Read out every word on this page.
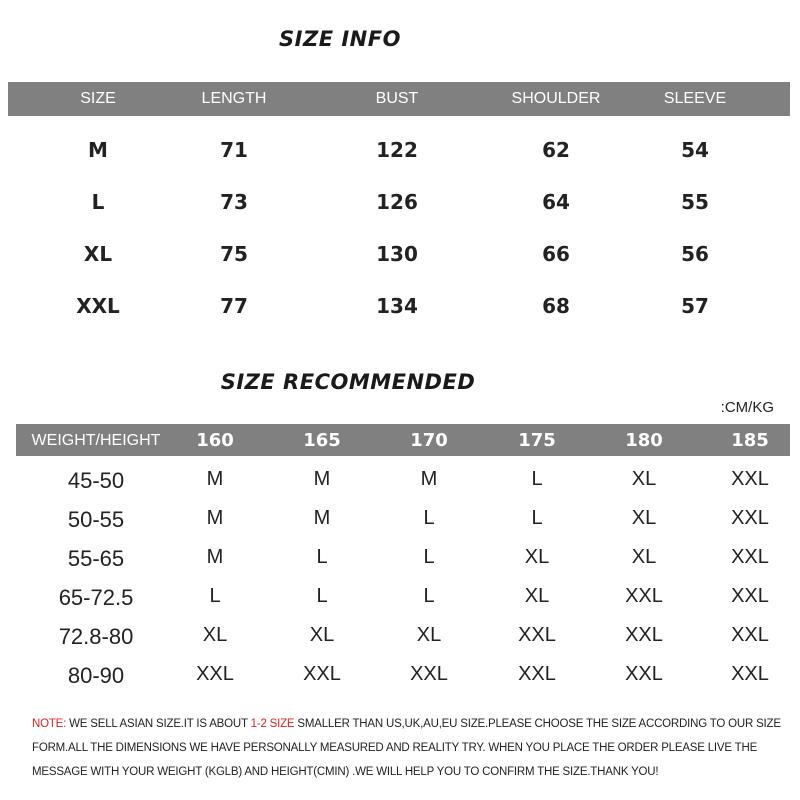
SIZE INFO
SIZE	LENGTH	BUST	SHOULDER	SLEEVE
M	71	122	62	54
L	73	126	64	55
XL	75	130	66	56
XXL	77	134	68	57
SIZE RECOMMENDED
:CM/KG
WEIGHT/HEIGHT	160	165	170	175	180	185
45-50	M	M	M	L	XL	XXL
50-55	M	M	L	L	XL	XXL
55-65	M	L	L	XL	XL	XXL
65-72.5	L	L	L	XL	XXL	XXL
72.8-80	XL	XL	XL	XXL	XXL	XXL
80-90	XXL	XXL	XXL	XXL	XXL	XXL
NOTE: WE SELL ASIAN SIZE.IT IS ABOUT 1-2 SIZE SMALLER THAN US,UK,AU,EU SIZE.PLEASE CHOOSE THE SIZE ACCORDING TO OUR SIZE FORM.ALL THE DIMENSIONS WE HAVE PERSONALLY MEASURED AND REALITY TRY. WHEN YOU PLACE THE ORDER PLEASE LIVE THE MESSAGE WITH YOUR WEIGHT (KGLB) AND HEIGHT(CMIN) .WE WILL HELP YOU TO CONFIRM THE SIZE.THANK YOU!
